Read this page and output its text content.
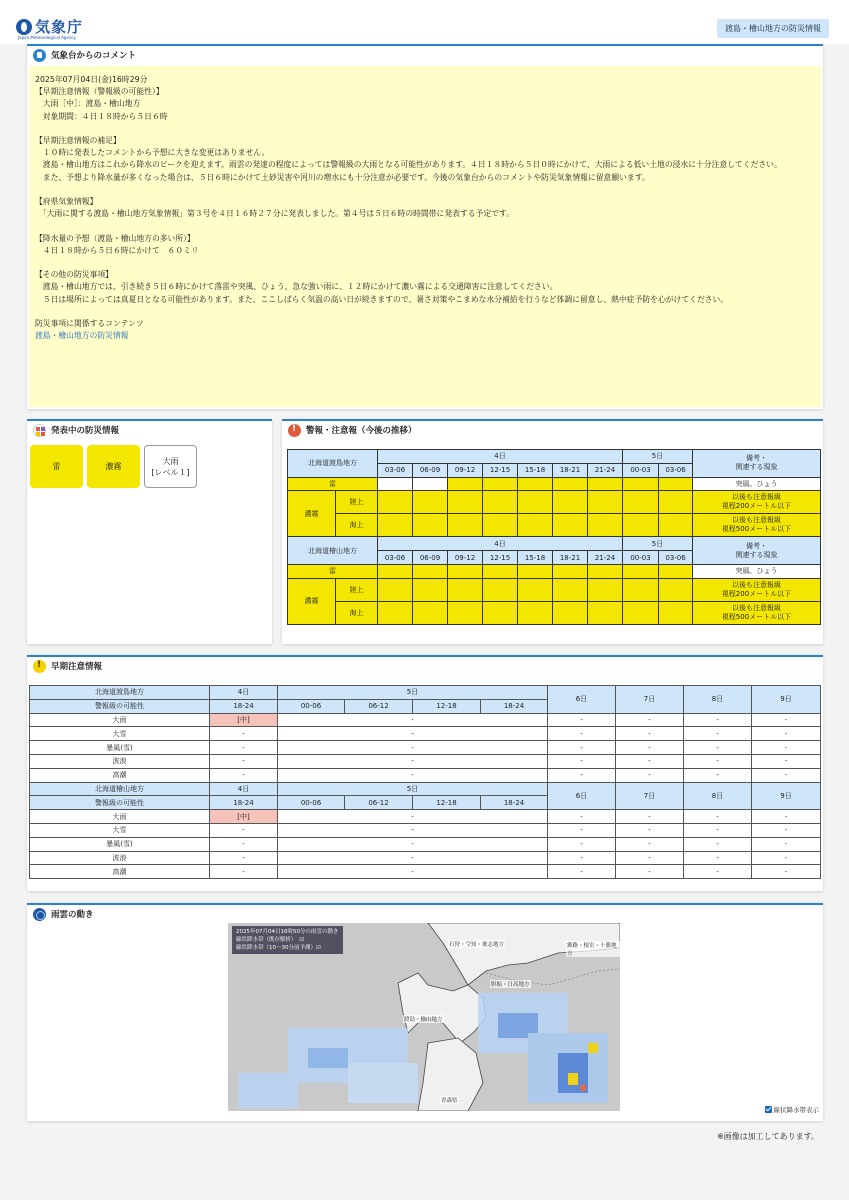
気象庁
Japan Meteorological Agency
渡島・檜山地方の防災情報
気象台からのコメント
2025年07月04日(金)16時29分
【早期注意情報（警報級の可能性）】
　大雨［中］：渡島・檜山地方
　対象期間：４日１８時から５日６時

【早期注意情報の補足】
　１０時に発表したコメントから予想に大きな変更はありません。
　渡島・檜山地方はこれから降水のピークを迎えます。雨雲の発達の程度によっては警報級の大雨となる可能性があります。４日１８時から５日０時にかけて、大雨による低い土地の浸水に十分注意してください。
　また、予想より降水量が多くなった場合は、５日６時にかけて土砂災害や河川の増水にも十分注意が必要です。今後の気象台からのコメントや防災気象情報に留意願います。

【府県気象情報】
　「大雨に関する渡島・檜山地方気象情報」第３号を４日１６時２７分に発表しました。第４号は５日６時の時間帯に発表する予定です。

【降水量の予想（渡島・檜山地方の多い所）】
　４日１８時から５日６時にかけて　６０ミリ

【その他の防災事項】
　渡島・檜山地方では、引き続き５日６時にかけて落雷や突風、ひょう、急な強い雨に、１２時にかけて濃い霧による交通障害に注意してください。
　５日は場所によっては真夏日となる可能性があります。また、ここしばらく気温の高い日が続きますので、暑さ対策やこまめな水分補給を行うなど体調に留意し、熱中症予防を心がけてください。

防災事項に関係するコンテンツ
渡島・檜山地方の防災情報
発表中の防災情報
雷	濃霧
大雨
[レベル１]
!
警報・注意報（今後の推移）
北海道渡島地方		4日							5日		備考・
関連する現象
		03-06	06-09	09-12	12-15	15-18	18-21	21-24	00-03	03-06	
雷											突風、ひょう
濃霧	陸上										以後も注意報級
視程200メートル以下
	海上										以後も注意報級
視程500メートル以下
北海道檜山地方		4日							5日		備考・
関連する現象
		03-06	06-09	09-12	12-15	15-18	18-21	21-24	00-03	03-06	
雷											突風、ひょう
濃霧	陸上										以後も注意報級
視程200メートル以下
	海上										以後も注意報級
視程500メートル以下
!
早期注意情報
北海道渡島地方	4日	5日				6日	7日	8日	9日
警報級の可能性	18-24	00-06	06-12	12-18	18-24				
大雨	[中]	-				-	-	-	-
大雪	-	-				-	-	-	-
暴風(雪)	-	-				-	-	-	-
波浪	-	-				-	-	-	-
高潮	-	-				-	-	-	-
北海道檜山地方	4日	5日				6日	7日	8日	9日
警報級の可能性	18-24	00-06	06-12	12-18	18-24				
大雨	[中]	-				-	-	-	-
大雪	-	-				-	-	-	-
暴風(雪)	-	-				-	-	-	-
波浪	-	-				-	-	-	-
高潮	-	-				-	-	-	-
雨雲の動き
2025年07月04日16時50分の雨雲の動き
線状降水帯（既存解析）　☑
線状降水帯（10〜30分前予測）☑	石狩・空知・後志地方	釧路・根室・十勝地方
胆振・日高地方
渡島・檜山地方
青森県
線状降水帯表示
※画像は加工してあります。
